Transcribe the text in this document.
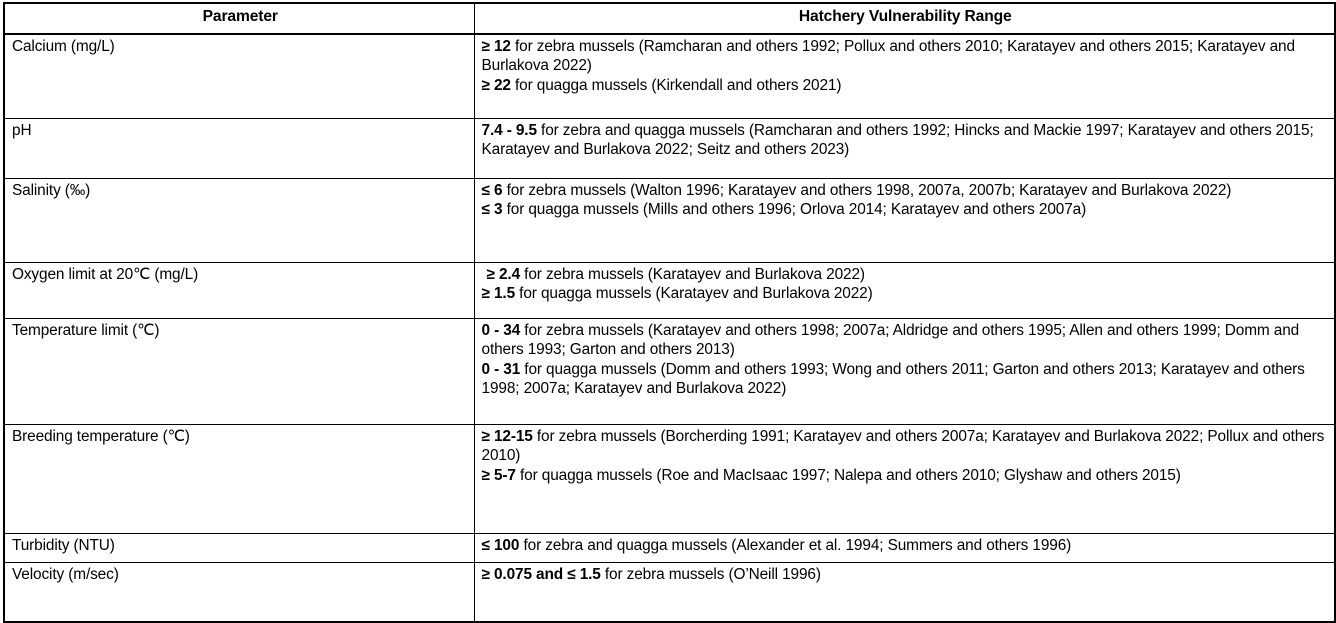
Parameter	Hatchery Vulnerability Range

Calcium (mg/L)	≥ 12 for zebra mussels (Ramcharan and others 1992; Pollux and others 2010; Karatayev and others 2015; Karatayev and Burlakova 2022)
≥ 22 for quagga mussels (Kirkendall and others 2021)

pH	7.4 - 9.5 for zebra and quagga mussels (Ramcharan and others 1992; Hincks and Mackie 1997; Karatayev and others 2015; Karatayev and Burlakova 2022; Seitz and others 2023)

Salinity (‰)	≤ 6 for zebra mussels (Walton 1996; Karatayev and others 1998, 2007a, 2007b; Karatayev and Burlakova 2022)
≤ 3 for quagga mussels (Mills and others 1996; Orlova 2014; Karatayev and others 2007a)

Oxygen limit at 20℃ (mg/L)	≥ 2.4 for zebra mussels (Karatayev and Burlakova 2022)
≥ 1.5 for quagga mussels (Karatayev and Burlakova 2022)

Temperature limit (℃)	0 - 34 for zebra mussels (Karatayev and others 1998; 2007a; Aldridge and others 1995; Allen and others 1999; Domm and others 1993; Garton and others 2013)
0 - 31 for quagga mussels (Domm and others 1993; Wong and others 2011; Garton and others 2013; Karatayev and others 1998; 2007a; Karatayev and Burlakova 2022)

Breeding temperature (℃)	≥ 12-15 for zebra mussels (Borcherding 1991; Karatayev and others 2007a; Karatayev and Burlakova 2022; Pollux and others 2010)
≥ 5-7 for quagga mussels (Roe and MacIsaac 1997; Nalepa and others 2010; Glyshaw and others 2015)

Turbidity (NTU)	≤ 100 for zebra and quagga mussels (Alexander et al. 1994; Summers and others 1996)

Velocity (m/sec)	≥ 0.075 and ≤ 1.5 for zebra mussels (O’Neill 1996)
